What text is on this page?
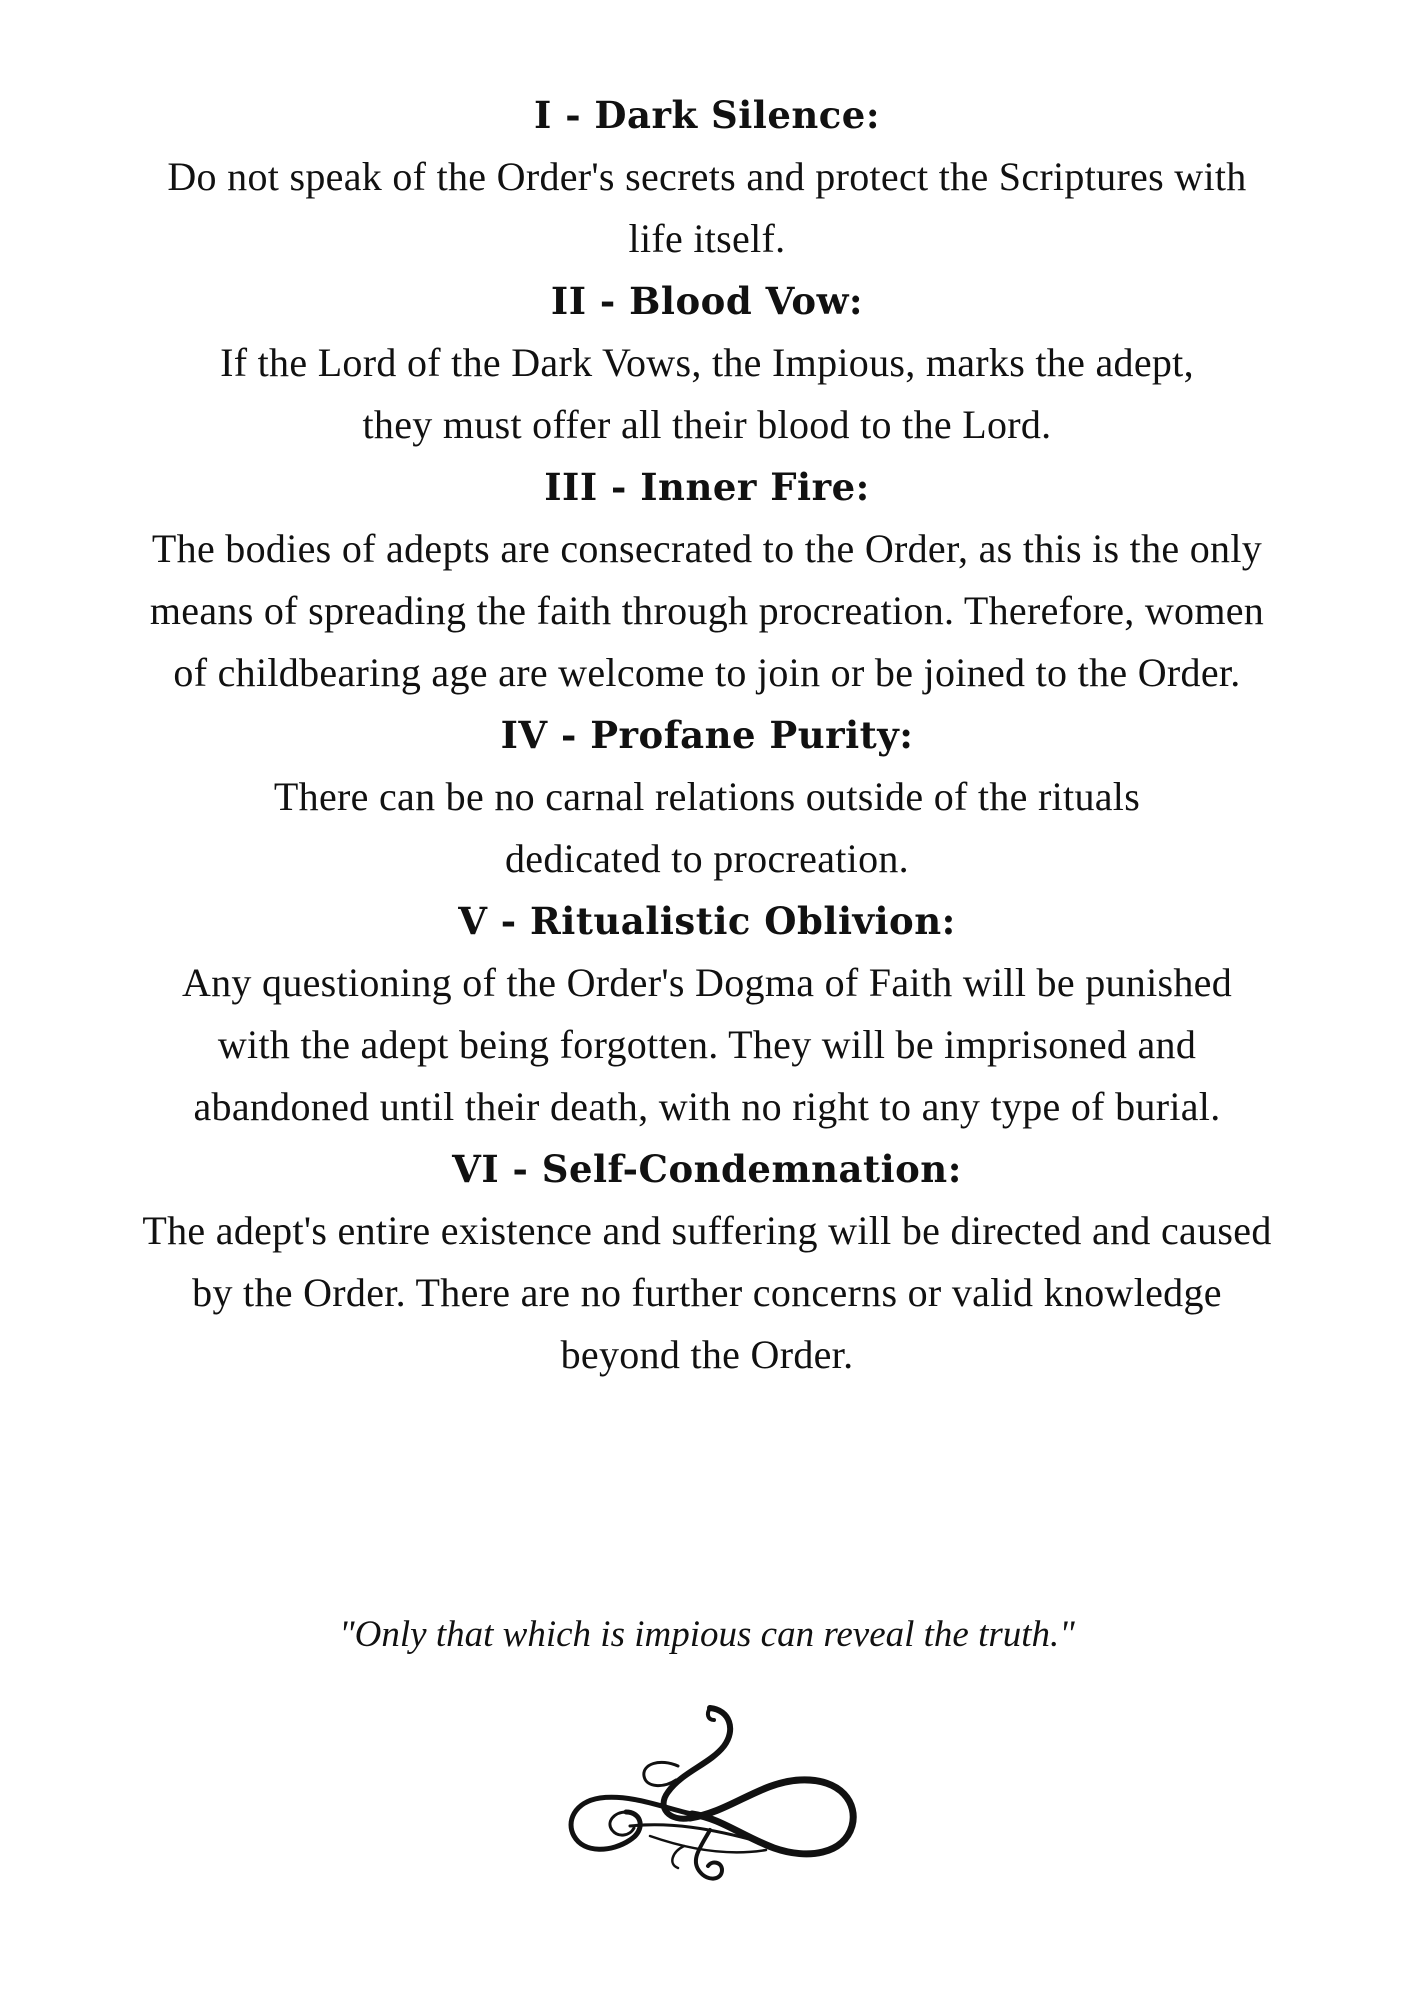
I - Dark Silence:

Do not speak of the Order's secrets and protect the Scriptures with life itself.

II - Blood Vow:

If the Lord of the Dark Vows, the Impious, marks the adept, they must offer all their blood to the Lord.

III - Inner Fire:

The bodies of adepts are consecrated to the Order, as this is the only means of spreading the faith through procreation. Therefore, women of childbearing age are welcome to join or be joined to the Order.

IV - Profane Purity:

There can be no carnal relations outside of the rituals dedicated to procreation.

V - Ritualistic Oblivion:

Any questioning of the Order's Dogma of Faith will be punished with the adept being forgotten. They will be imprisoned and abandoned until their death, with no right to any type of burial.

VI - Self-Condemnation:

The adept's entire existence and suffering will be directed and caused by the Order. There are no further concerns or valid knowledge beyond the Order.

"Only that which is impious can reveal the truth."
